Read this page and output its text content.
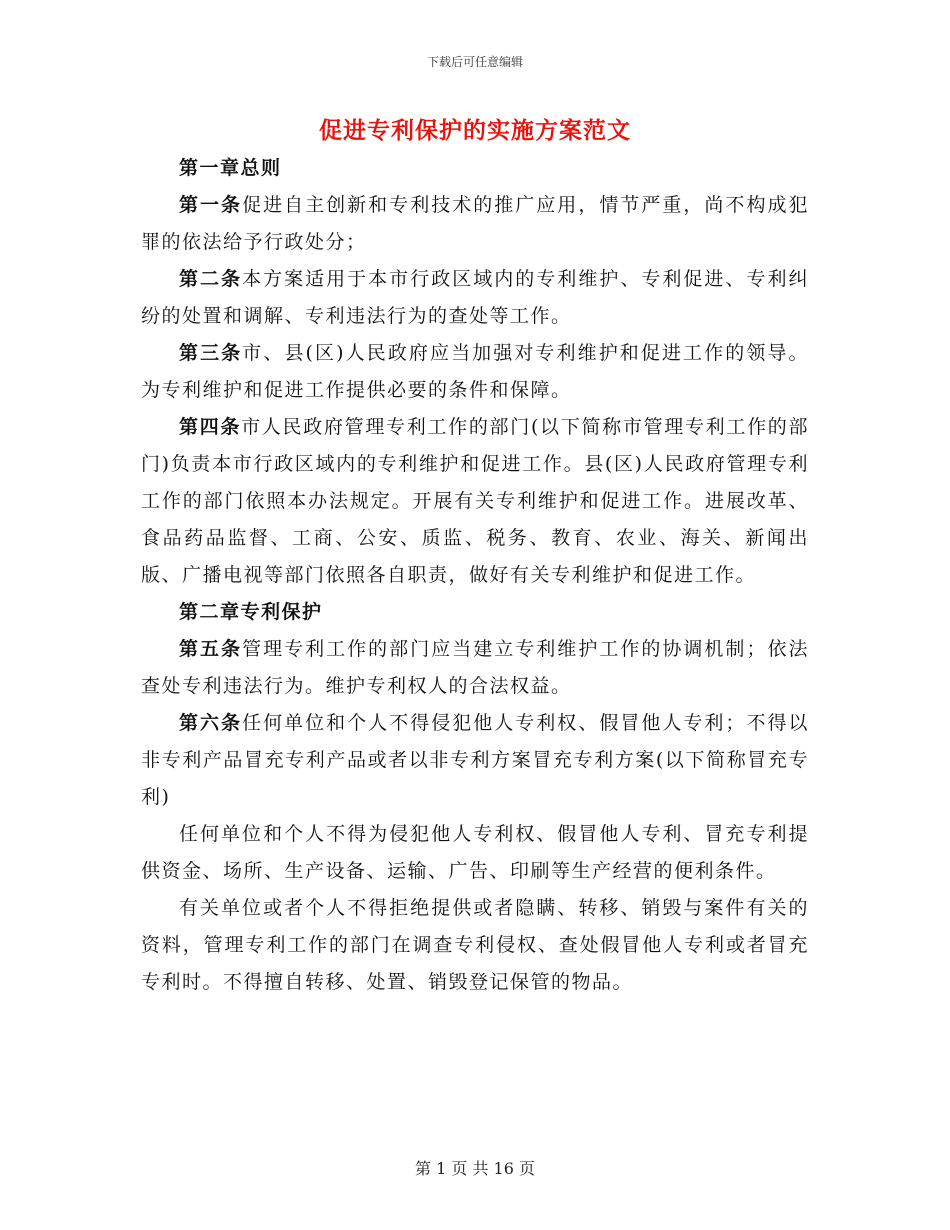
下载后可任意编辑
促进专利保护的实施方案范文

第一章总则

第一条促进自主创新和专利技术的推广应用，情节严重，尚不构成犯罪的依法给予行政处分；

第二条本方案适用于本市行政区域内的专利维护、专利促进、专利纠纷的处置和调解、专利违法行为的查处等工作。

第三条市、县(区)人民政府应当加强对专利维护和促进工作的领导。为专利维护和促进工作提供必要的条件和保障。

第四条市人民政府管理专利工作的部门(以下简称市管理专利工作的部门)负责本市行政区域内的专利维护和促进工作。县(区)人民政府管理专利工作的部门依照本办法规定。开展有关专利维护和促进工作。进展改革、食品药品监督、工商、公安、质监、税务、教育、农业、海关、新闻出版、广播电视等部门依照各自职责，做好有关专利维护和促进工作。

第二章专利保护

第五条管理专利工作的部门应当建立专利维护工作的协调机制；依法查处专利违法行为。维护专利权人的合法权益。

第六条任何单位和个人不得侵犯他人专利权、假冒他人专利；不得以非专利产品冒充专利产品或者以非专利方案冒充专利方案(以下简称冒充专利)

任何单位和个人不得为侵犯他人专利权、假冒他人专利、冒充专利提供资金、场所、生产设备、运输、广告、印刷等生产经营的便利条件。

有关单位或者个人不得拒绝提供或者隐瞒、转移、销毁与案件有关的资料，管理专利工作的部门在调查专利侵权、查处假冒他人专利或者冒充专利时。不得擅自转移、处置、销毁登记保管的物品。

第 1 页 共 16 页
